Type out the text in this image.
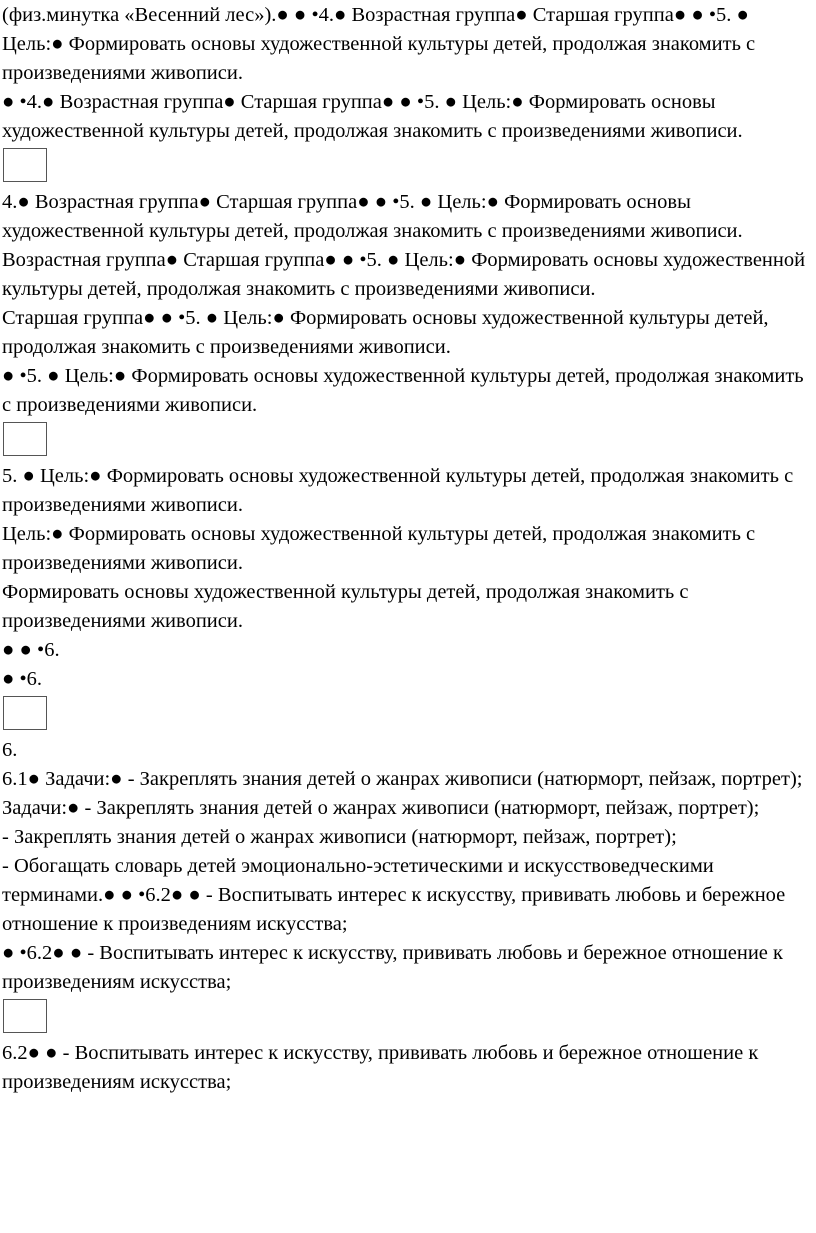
(физ.минутка «Весенний лес»).● ● •4.● Возрастная группа● Старшая группа● ● •5. ● Цель:● Формировать основы художественной культуры детей, продолжая знакомить с произведениями живописи.

● •4.● Возрастная группа● Старшая группа● ● •5. ● Цель:● Формировать основы художественной культуры детей, продолжая знакомить с произведениями живописи.

4.● Возрастная группа● Старшая группа● ● •5. ● Цель:● Формировать основы художественной культуры детей, продолжая знакомить с произведениями живописи.

Возрастная группа● Старшая группа● ● •5. ● Цель:● Формировать основы художественной культуры детей, продолжая знакомить с произведениями живописи.

Старшая группа● ● •5. ● Цель:● Формировать основы художественной культуры детей, продолжая знакомить с произведениями живописи.

● •5. ● Цель:● Формировать основы художественной культуры детей, продолжая знакомить с произведениями живописи.

5. ● Цель:● Формировать основы художественной культуры детей, продолжая знакомить с произведениями живописи.

Цель:● Формировать основы художественной культуры детей, продолжая знакомить с произведениями живописи.

Формировать основы художественной культуры детей, продолжая знакомить с произведениями живописи.

● ● •6.

● •6.

6.

6.1● Задачи:● - Закреплять знания детей о жанрах живописи (натюрморт, пейзаж, портрет);

Задачи:● - Закреплять знания детей о жанрах живописи (натюрморт, пейзаж, портрет);

- Закреплять знания детей о жанрах живописи (натюрморт, пейзаж, портрет);

- Обогащать словарь детей эмоционально-эстетическими и искусствоведческими терминами.● ● •6.2● ● - Воспитывать интерес к искусству, прививать любовь и бережное отношение к произведениям искусства;

● •6.2● ● - Воспитывать интерес к искусству, прививать любовь и бережное отношение к произведениям искусства;

6.2● ● - Воспитывать интерес к искусству, прививать любовь и бережное отношение к произведениям искусства;
